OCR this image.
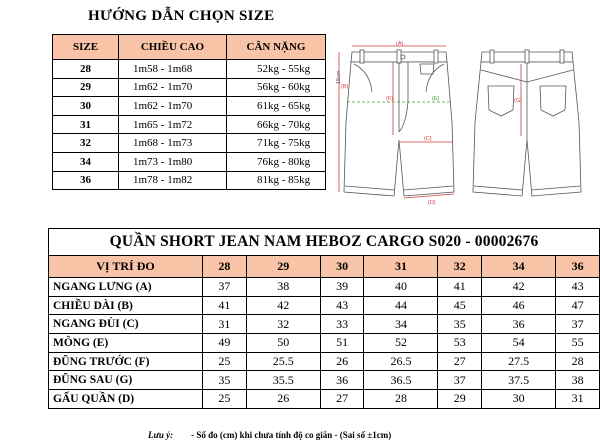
HƯỚNG DẪN CHỌN SIZE
SIZE	CHIỀU CAO	CÂN NẶNG
28	1m58 - 1m68	52kg - 55kg
29	1m62 - 1m70	56kg - 60kg
30	1m62 - 1m70	61kg - 65kg
31	1m65 - 1m72	66kg - 70kg
32	1m68 - 1m73	71kg - 75kg
34	1m73 - 1m80	76kg - 80kg
36	1m78 - 1m82	81kg - 85kg
(A)
(B)
(F)
(C)
(D)
(E)
15cm
(G)
QUẦN SHORT JEAN NAM HEBOZ CARGO S020 - 00002676							
VỊ TRÍ ĐO	28	29	30	31	32	34	36
NGANG LƯNG (A)	37	38	39	40	41	42	43
CHIỀU DÀI (B)	41	42	43	44	45	46	47
NGANG ĐÙI (C)	31	32	33	34	35	36	37
MÔNG (E)	49	50	51	52	53	54	55
ĐŨNG TRƯỚC (F)	25	25.5	26	26.5	27	27.5	28
ĐŨNG SAU (G)	35	35.5	36	36.5	37	37.5	38
GẤU QUẦN (D)	25	26	27	28	29	30	31
Lưu ý: - Số đo (cm) khi chưa tính độ co giãn - (Sai số ±1cm)
